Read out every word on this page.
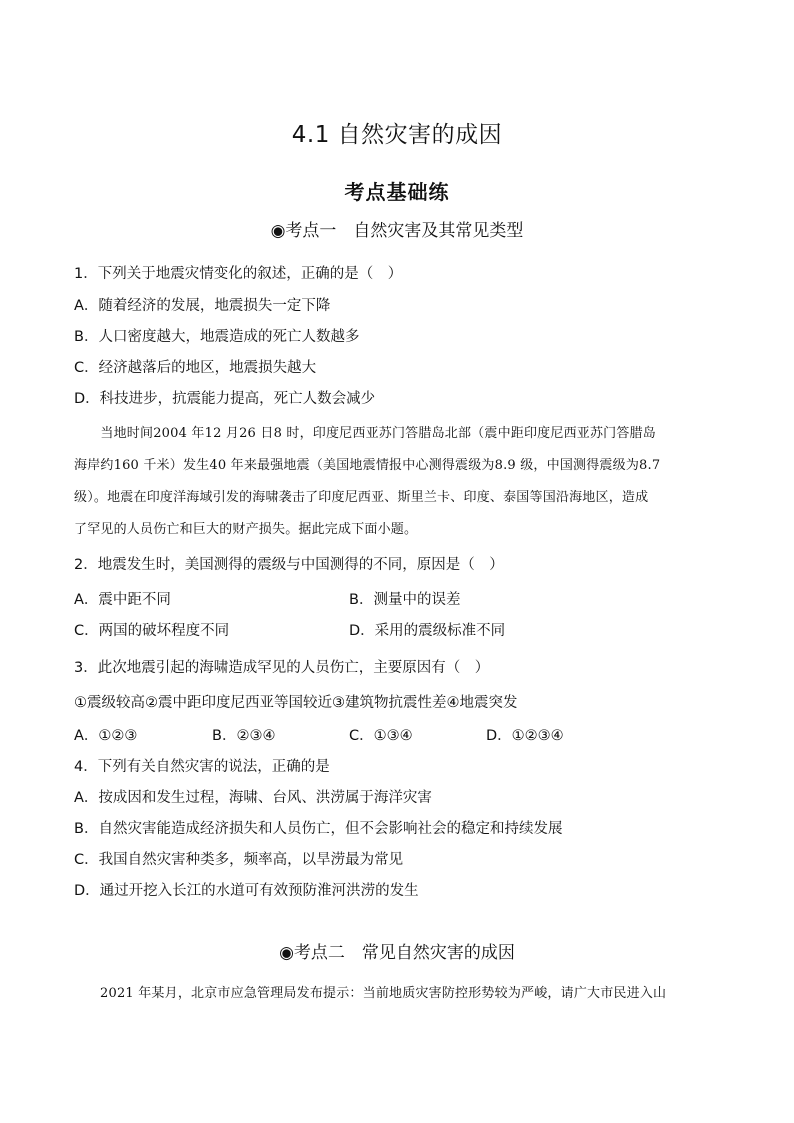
4.1 自然灾害的成因
考点基础练
◉考点一　自然灾害及其常见类型
1．下列关于地震灾情变化的叙述，正确的是（　）
A．随着经济的发展，地震损失一定下降
B．人口密度越大，地震造成的死亡人数越多
C．经济越落后的地区，地震损失越大
D．科技进步，抗震能力提高，死亡人数会减少
　　当地时间2004 年12 月26 日8 时，印度尼西亚苏门答腊岛北部（震中距印度尼西亚苏门答腊岛
海岸约160 千米）发生40 年来最强地震（美国地震情报中心测得震级为8.9 级，中国测得震级为8.7
级）。地震在印度洋海域引发的海啸袭击了印度尼西亚、斯里兰卡、印度、泰国等国沿海地区，造成
了罕见的人员伤亡和巨大的财产损失。据此完成下面小题。
2．地震发生时，美国测得的震级与中国测得的不同，原因是（　）
A．震中距不同	B．测量中的误差
C．两国的破坏程度不同	D．采用的震级标准不同
3．此次地震引起的海啸造成罕见的人员伤亡，主要原因有（　）
①震级较高②震中距印度尼西亚等国较近③建筑物抗震性差④地震突发
A．①②③	B．②③④	C．①③④	D．①②③④
4．下列有关自然灾害的说法，正确的是
A．按成因和发生过程，海啸、台风、洪涝属于海洋灾害
B．自然灾害能造成经济损失和人员伤亡，但不会影响社会的稳定和持续发展
C．我国自然灾害种类多，频率高，以旱涝最为常见
D．通过开挖入长江的水道可有效预防淮河洪涝的发生
◉考点二　常见自然灾害的成因
2021 年某月，北京市应急管理局发布提示：当前地质灾害防控形势较为严峻，请广大市民进入山
